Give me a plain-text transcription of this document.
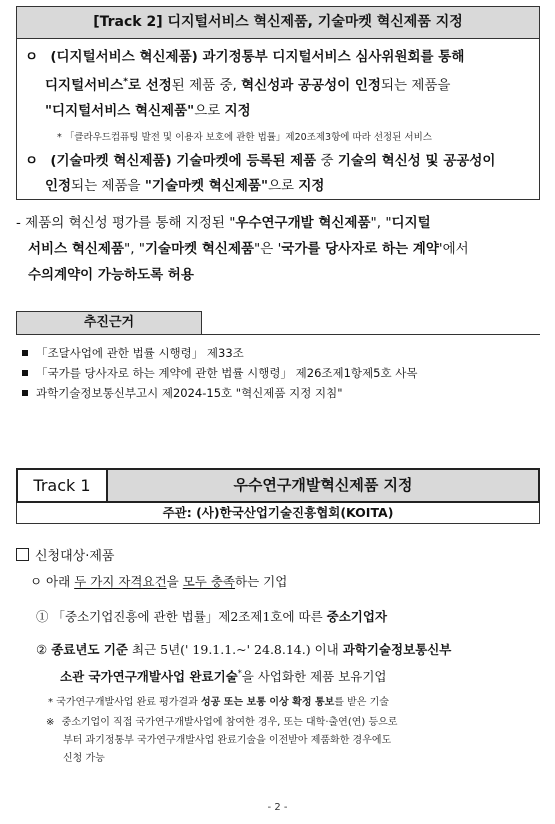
[Track 2] 디지털서비스 혁신제품, 기술마켓 혁신제품 지정
ㅇ (디지털서비스 혁신제품) 과기정통부 디지털서비스 심사위원회를 통해
디지털서비스*로 선정된 제품 중, 혁신성과 공공성이 인정되는 제품을
"디지털서비스 혁신제품"으로 지정
* 「클라우드컴퓨팅 발전 및 이용자 보호에 관한 법률」제20조제3항에 따라 선정된 서비스
ㅇ (기술마켓 혁신제품) 기술마켓에 등록된 제품 중 기술의 혁신성 및 공공성이
인정되는 제품을 "기술마켓 혁신제품"으로 지정
- 제품의 혁신성 평가를 통해 지정된 "우수연구개발 혁신제품", "디지털
서비스 혁신제품", "기술마켓 혁신제품"은 '국가를 당사자로 하는 계약'에서
수의계약이 가능하도록 허용
추진근거
「조달사업에 관한 법률 시행령」 제33조
「국가를 당사자로 하는 계약에 관한 법률 시행령」 제26조제1항제5호 사목
과학기술정보통신부고시 제2024-15호 "혁신제품 지정 지침"
Track 1	우수연구개발혁신제품 지정
주관: (사)한국산업기술진흥협회(KOITA)
신청대상·제품
ㅇ 아래 두 가지 자격요건을 모두 충족하는 기업
① 「중소기업진흥에 관한 법률」제2조제1호에 따른 중소기업자
② 종료년도 기준 최근 5년(' 19.1.1.~' 24.8.14.) 이내 과학기술정보통신부
소관 국가연구개발사업 완료기술*을 사업화한 제품 보유기업
* 국가연구개발사업 완료 평가결과 성공 또는 보통 이상 확정 통보를 받은 기술
※ 중소기업이 직접 국가연구개발사업에 참여한 경우, 또는 대학·출연(연) 등으로
부터 과기정통부 국가연구개발사업 완료기술을 이전받아 제품화한 경우에도
신청 가능
- 2 -
